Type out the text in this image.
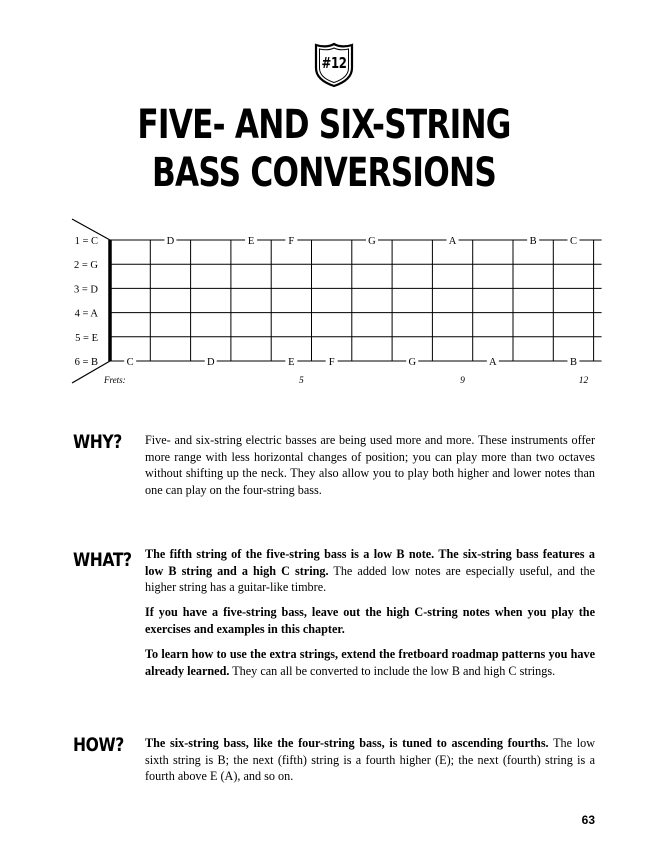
#12
FIVE- AND SIX-STRING
BASS CONVERSIONS
1 = C
2 = G
3 = D
4 = A
5 = E
6 = B
D	E	F	G	A	B	C
C	D	E	F	G	A	B
Frets:	5	9	12
WHY? Five- and six-string electric basses are being used more and more. These instruments offer more range with less horizontal changes of position; you can play more than two octaves without shifting up the neck. They also allow you to play both higher and lower notes than one can play on the four-string bass.

WHAT? The fifth string of the five-string bass is a low B note. The six-string bass features a low B string and a high C string. The added low notes are especially useful, and the higher string has a guitar-like timbre.

If you have a five-string bass, leave out the high C-string notes when you play the exercises and examples in this chapter.

To learn how to use the extra strings, extend the fretboard roadmap patterns you have already learned. They can all be converted to include the low B and high C strings.

HOW? The six-string bass, like the four-string bass, is tuned to ascending fourths. The low sixth string is B; the next (fifth) string is a fourth higher (E); the next (fourth) string is a fourth above E (A), and so on.

63
